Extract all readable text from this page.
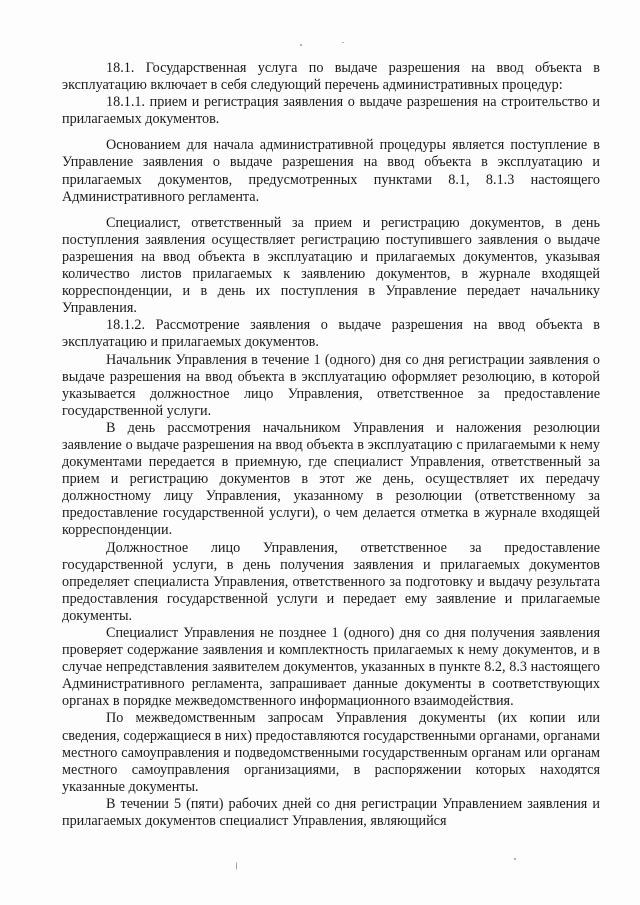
18.1. Государственная услуга по выдаче разрешения на ввод объекта в эксплуатацию включает в себя следующий перечень административных процедур:

18.1.1. прием и регистрация заявления о выдаче разрешения на строительство и прилагаемых документов.

Основанием для начала административной процедуры является поступление в Управление заявления о выдаче разрешения на ввод объекта в эксплуатацию и прилагаемых документов, предусмотренных пунктами 8.1, 8.1.3 настоящего Административного регламента.

Специалист, ответственный за прием и регистрацию документов, в день поступления заявления осуществляет регистрацию поступившего заявления о выдаче разрешения на ввод объекта в эксплуатацию и прилагаемых документов, указывая количество листов прилагаемых к заявлению документов, в журнале входящей корреспонденции, и в день их поступления в Управление передает начальнику Управления.

18.1.2. Рассмотрение заявления о выдаче разрешения на ввод объекта в эксплуатацию и прилагаемых документов.

Начальник Управления в течение 1 (одного) дня со дня регистрации заявления о выдаче разрешения на ввод объекта в эксплуатацию оформляет резолюцию, в которой указывается должностное лицо Управления, ответственное за предоставление государственной услуги.

В день рассмотрения начальником Управления и наложения резолюции заявление о выдаче разрешения на ввод объекта в эксплуатацию с прилагаемыми к нему документами передается в приемную, где специалист Управления, ответственный за прием и регистрацию документов в этот же день, осуществляет их передачу должностному лицу Управления, указанному в резолюции (ответственному за предоставление государственной услуги), о чем делается отметка в журнале входящей корреспонденции.

Должностное лицо Управления, ответственное за предоставление государственной услуги, в день получения заявления и прилагаемых документов определяет специалиста Управления, ответственного за подготовку и выдачу результата предоставления государственной услуги и передает ему заявление и прилагаемые документы.

Специалист Управления не позднее 1 (одного) дня со дня получения заявления проверяет содержание заявления и комплектность прилагаемых к нему документов, и в случае непредставления заявителем документов, указанных в пункте 8.2, 8.3 настоящего Административного регламента, запрашивает данные документы в соответствующих органах в порядке межведомственного информационного взаимодействия.

По межведомственным запросам Управления документы (их копии или сведения, содержащиеся в них) предоставляются государственными органами, органами местного самоуправления и подведомственными государственным органам или органам местного самоуправления организациями, в распоряжении которых находятся указанные документы.

В течении 5 (пяти) рабочих дней со дня регистрации Управлением заявления и прилагаемых документов специалист Управления, являющийся
